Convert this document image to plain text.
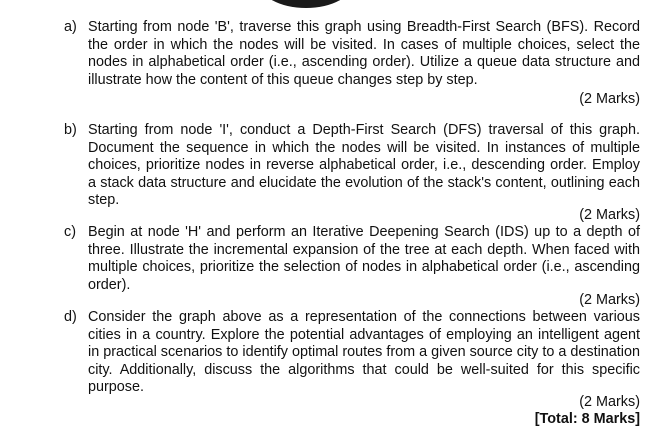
a) Starting from node 'B', traverse this graph using Breadth-First Search (BFS). Record the order in which the nodes will be visited. In cases of multiple choices, select the nodes in alphabetical order (i.e., ascending order). Utilize a queue data structure and illustrate how the content of this queue changes step by step.
(2 Marks)
b) Starting from node 'I', conduct a Depth-First Search (DFS) traversal of this graph. Document the sequence in which the nodes will be visited. In instances of multiple choices, prioritize nodes in reverse alphabetical order, i.e., descending order. Employ a stack data structure and elucidate the evolution of the stack's content, outlining each step.
(2 Marks)
c) Begin at node 'H' and perform an Iterative Deepening Search (IDS) up to a depth of three. Illustrate the incremental expansion of the tree at each depth. When faced with multiple choices, prioritize the selection of nodes in alphabetical order (i.e., ascending order).
(2 Marks)
d) Consider the graph above as a representation of the connections between various cities in a country. Explore the potential advantages of employing an intelligent agent in practical scenarios to identify optimal routes from a given source city to a destination city. Additionally, discuss the algorithms that could be well-suited for this specific purpose.
(2 Marks)
[Total: 8 Marks]
